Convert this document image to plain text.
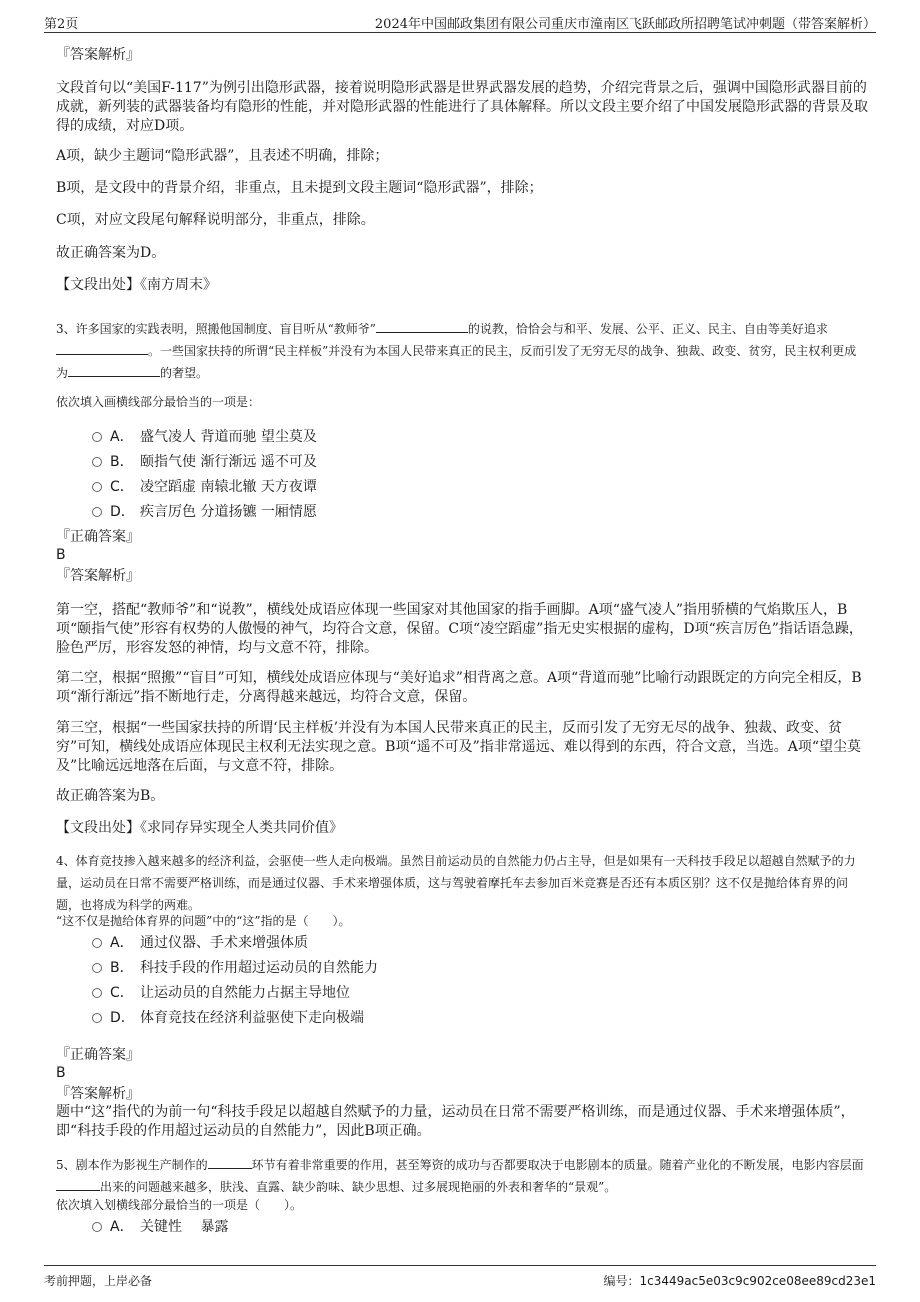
第2页	2024年中国邮政集团有限公司重庆市潼南区飞跃邮政所招聘笔试冲刺题（带答案解析）
『答案解析』
文段首句以“美国F-117”为例引出隐形武器，接着说明隐形武器是世界武器发展的趋势，介绍完背景之后，强调中国隐形武器目前的成就，新列装的武器装备均有隐形的性能，并对隐形武器的性能进行了具体解释。所以文段主要介绍了中国发展隐形武器的背景及取得的成绩，对应D项。
A项，缺少主题词“隐形武器”，且表述不明确，排除；
B项，是文段中的背景介绍，非重点，且未提到文段主题词“隐形武器”，排除；
C项，对应文段尾句解释说明部分，非重点，排除。
故正确答案为D。
【文段出处】《南方周末》
3、许多国家的实践表明，照搬他国制度、盲目听从“教师爷”	的说教，恰恰会与和平、发展、公平、正义、民主、自由等美好追求。一些国家扶持的所谓“民主样板”并没有为本国人民带来真正的民主，反而引发了无穷无尽的战争、独裁、政变、贫穷，民主权利更成为	的奢望。
依次填入画横线部分最恰当的一项是：
A． 盛气凌人 背道而驰 望尘莫及
B． 颐指气使 渐行渐远 遥不可及
C． 凌空蹈虚 南辕北辙 天方夜谭
D． 疾言厉色 分道扬镳 一厢情愿
『正确答案』
B
『答案解析』
第一空，搭配“教师爷”和“说教”，横线处成语应体现一些国家对其他国家的指手画脚。A项“盛气凌人”指用骄横的气焰欺压人，B项“颐指气使”形容有权势的人傲慢的神气，均符合文意，保留。C项“凌空蹈虚”指无史实根据的虚构，D项“疾言厉色”指话语急躁，脸色严厉，形容发怒的神情，均与文意不符，排除。
第二空，根据“照搬”“盲目”可知，横线处成语应体现与“美好追求”相背离之意。A项“背道而驰”比喻行动跟既定的方向完全相反，B项“渐行渐远”指不断地行走，分离得越来越远，均符合文意，保留。
第三空，根据“一些国家扶持的所谓‘民主样板’并没有为本国人民带来真正的民主，反而引发了无穷无尽的战争、独裁、政变、贫穷”可知，横线处成语应体现民主权利无法实现之意。B项“遥不可及”指非常遥远、难以得到的东西，符合文意，当选。A项“望尘莫及”比喻远远地落在后面，与文意不符，排除。
故正确答案为B。
【文段出处】《求同存异实现全人类共同价值》
4、体育竞技掺入越来越多的经济利益，会驱使一些人走向极端。虽然目前运动员的自然能力仍占主导，但是如果有一天科技手段足以超越自然赋予的力量，运动员在日常不需要严格训练，而是通过仪器、手术来增强体质，这与驾驶着摩托车去参加百米竞赛是否还有本质区别？这不仅是抛给体育界的问题，也将成为科学的两难。
“这不仅是抛给体育界的问题”中的“这”指的是（　　）。
A． 通过仪器、手术来增强体质
B． 科技手段的作用超过运动员的自然能力
C． 让运动员的自然能力占据主导地位
D． 体育竞技在经济利益驱使下走向极端
『正确答案』
B
『答案解析』
题中“这”指代的为前一句“科技手段足以超越自然赋予的力量，运动员在日常不需要严格训练，而是通过仪器、手术来增强体质”，即“科技手段的作用超过运动员的自然能力”，因此B项正确。
5、剧本作为影视生产制作的	环节有着非常重要的作用，甚至筹资的成功与否都要取决于电影剧本的质量。随着产业化的不断发展，电影内容层面出来的问题越来越多，肤浅、直露、缺少韵味、缺少思想、过多展现艳丽的外表和奢华的“景观”。
依次填入划横线部分最恰当的一项是（　　）。
A． 关键性　 暴露
考前押题，上岸必备	编号：1c3449ac5e03c9c902ce08ee89cd23e1
